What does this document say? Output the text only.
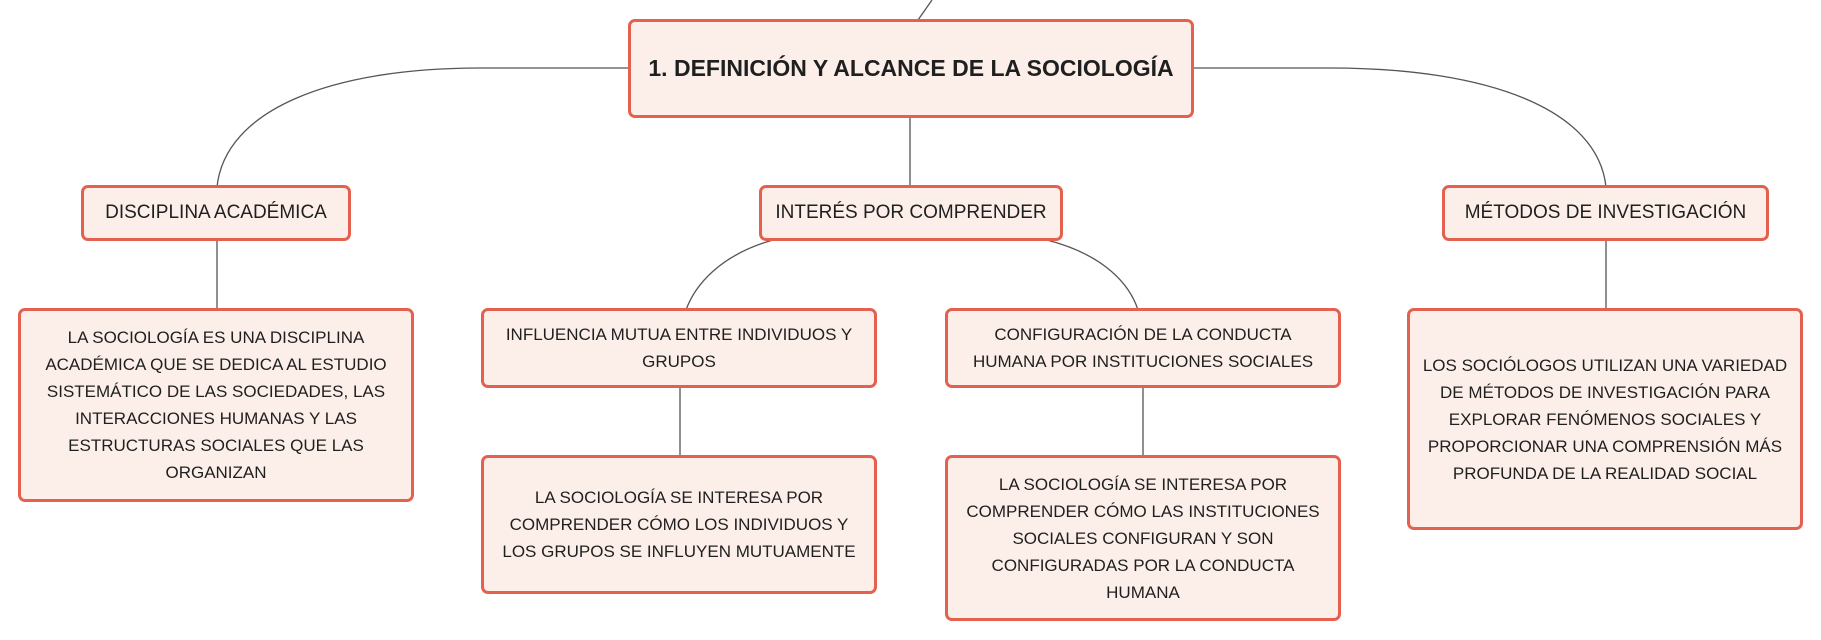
1. DEFINICIÓN Y ALCANCE DE LA SOCIOLOGÍA
DISCIPLINA ACADÉMICA	INTERÉS POR COMPRENDER	MÉTODOS DE INVESTIGACIÓN
LA SOCIOLOGÍA ES UNA DISCIPLINA ACADÉMICA QUE SE DEDICA AL ESTUDIO SISTEMÁTICO DE LAS SOCIEDADES, LAS INTERACCIONES HUMANAS Y LAS ESTRUCTURAS SOCIALES QUE LAS ORGANIZAN
INFLUENCIA MUTUA ENTRE INDIVIDUOS Y GRUPOS
CONFIGURACIÓN DE LA CONDUCTA HUMANA POR INSTITUCIONES SOCIALES
LA SOCIOLOGÍA SE INTERESA POR COMPRENDER CÓMO LOS INDIVIDUOS Y LOS GRUPOS SE INFLUYEN MUTUAMENTE
LA SOCIOLOGÍA SE INTERESA POR COMPRENDER CÓMO LAS INSTITUCIONES SOCIALES CONFIGURAN Y SON CONFIGURADAS POR LA CONDUCTA HUMANA
LOS SOCIÓLOGOS UTILIZAN UNA VARIEDAD DE MÉTODOS DE INVESTIGACIÓN PARA EXPLORAR FENÓMENOS SOCIALES Y PROPORCIONAR UNA COMPRENSIÓN MÁS PROFUNDA DE LA REALIDAD SOCIAL
